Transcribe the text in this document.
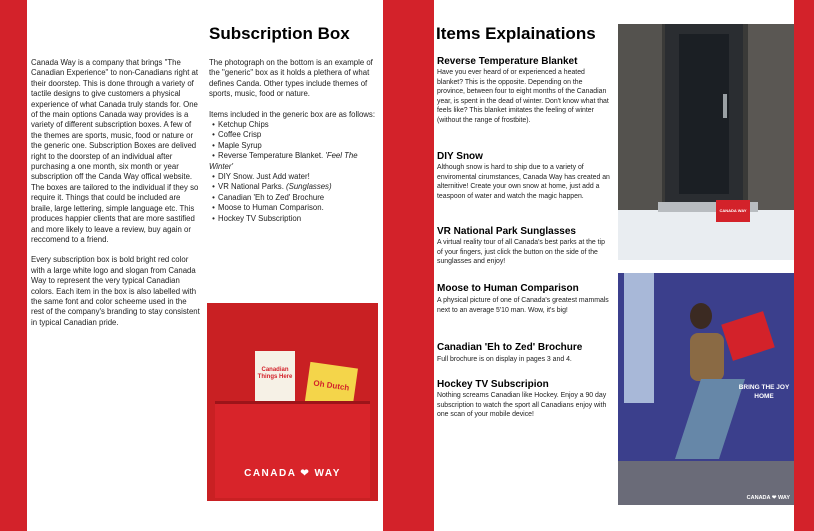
Subscription Box

Canada Way is a company that brings "The Canadian Experience" to non-Canadians right at their doorstep. This is done through a variety of tactile designs to give customers a physical experience of what Canada truly stands for. One of the main options Canada way provides is a variety of different subscription boxes. A few of the themes are sports, music, food or nature or the generic one. Subscription Boxes are delived right to the doorstep of an individual after purchasing a one month, six month or year subscription off the Canda Way offical website. The boxes are tailored to the individual if they so require it. Things that could be included are braile, large lettering, simple language etc. This produces happier clients that are more sastified and more likely to leave a review, buy again or reccomend to a friend.

Every subscription box is bold bright red color with a large white logo and slogan from Canada Way to represent the very typical Canadian colors. Each item in the box is also labelled with the same font and color scheeme used in the rest of the company's branding to stay consistent in typical Canadian pride.

The photograph on the bottom is an example of the "generic" box as it holds a plethera of what defines Canda. Other types include themes of sports, music, food or nature.

Items included in the generic box are as follows:

• Ketchup Chips
• Coffee Crisp
• Maple Syrup
• Reverse Temperature Blanket. 'Feel The Winter'
• DIY Snow. Just Add water!
• VR National Parks. (Sunglasses)
• Canadian 'Eh to Zed' Brochure
• Moose to Human Comparison.
• Hockey TV Subscription
Canadian Things Here
Oh Dutch
CANADA ❤ WAY
Items Explainations
Reverse Temperature Blanket

Have you ever heard of or experienced a heated blanket? This is the opposite. Depending on the province, between four to eight months of the Canadian year, is spent in the dead of winter. Don't know what that feels like? This blanket imitates the feeling of winter (without the range of frostbite).

DIY Snow

Although snow is hard to ship due to a variety of enviromental cirumstances, Canada Way has created an alternitive! Create your own snow at home, just add a teaspoon of water and watch the magic happen.

VR National Park Sunglasses

A virtual reality tour of all Canada's best parks at the tip of your fingers, just click the button on the side of the sunglasses and enjoy!

Moose to Human Comparison

A physical picture of one of Canada's greatest mammals next to an average 5'10 man. Wow, it's big!

Canadian 'Eh to Zed' Brochure

Full brochure is on display in pages 3 and 4.

Hockey TV Subscripion

Nothing screams Canadian like Hockey. Enjoy a 90 day subscription to watch the sport all Canadians enjoy with one scan of your mobile device!

CANADA WAY
BRING THE JOY HOME
CANADA ❤ WAY
